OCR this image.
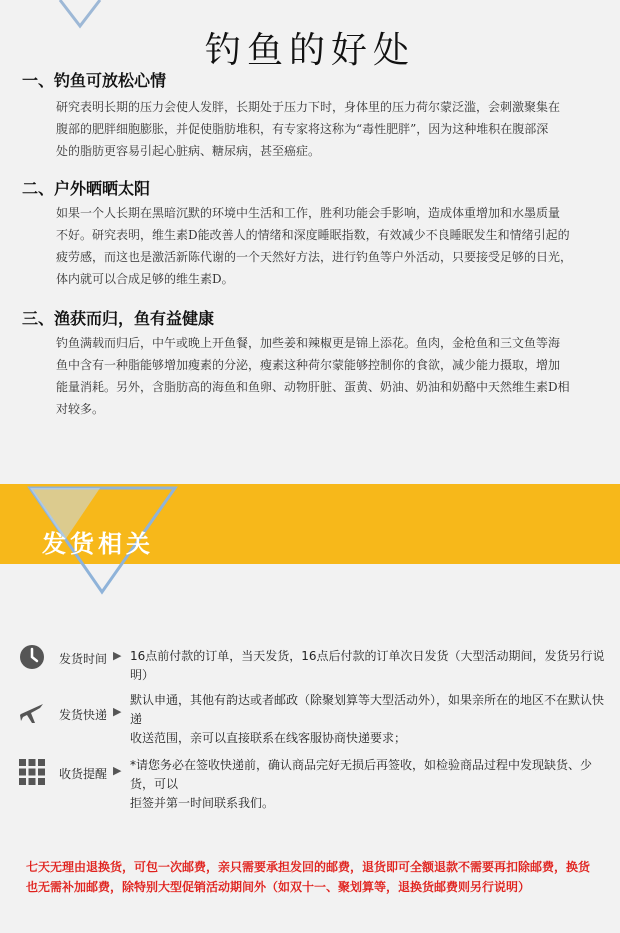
钓鱼的好处
一、钓鱼可放松心情
研究表明长期的压力会使人发胖，长期处于压力下时，身体里的压力荷尔蒙泛滥，会刺激聚集在
腹部的肥胖细胞膨胀，并促使脂肪堆积，有专家将这称为“毒性肥胖”，因为这种堆积在腹部深
处的脂肪更容易引起心脏病、糖尿病，甚至癌症。
二、户外晒晒太阳
如果一个人长期在黑暗沉默的环境中生活和工作，胜利功能会手影响，造成体重增加和水墨质量
不好。研究表明，维生素D能改善人的情绪和深度睡眠指数，有效减少不良睡眠发生和情绪引起的
疲劳感，而这也是激活新陈代谢的一个天然好方法，进行钓鱼等户外活动，只要接受足够的日光，
体内就可以合成足够的维生素D。
三、渔获而归，鱼有益健康
钓鱼满载而归后，中午或晚上开鱼餐，加些姜和辣椒更是锦上添花。鱼肉，金枪鱼和三文鱼等海
鱼中含有一种脂能够增加瘦素的分泌，瘦素这种荷尔蒙能够控制你的食欲，减少能力摄取，增加
能量消耗。另外，含脂肪高的海鱼和鱼卵、动物肝脏、蛋黄、奶油、奶油和奶酪中天然维生素D相
对较多。
发货相关
发货时间 ▶ 16点前付款的订单，当天发货，16点后付款的订单次日发货（大型活动期间，发货另行说明）
发货快递 ▶
默认申通，其他有韵达或者邮政（除聚划算等大型活动外），如果亲所在的地区不在默认快递
收送范围，亲可以直接联系在线客服协商快递要求；
收货提醒 ▶ *请您务必在签收快递前，确认商品完好无损后再签收，如检验商品过程中发现缺货、少货，可以
拒签并第一时间联系我们。
七天无理由退换货，可包一次邮费，亲只需要承担发回的邮费，退货即可全额退款不需要再扣除邮费，换货
也无需补加邮费，除特别大型促销活动期间外（如双十一、聚划算等，退换货邮费则另行说明）
